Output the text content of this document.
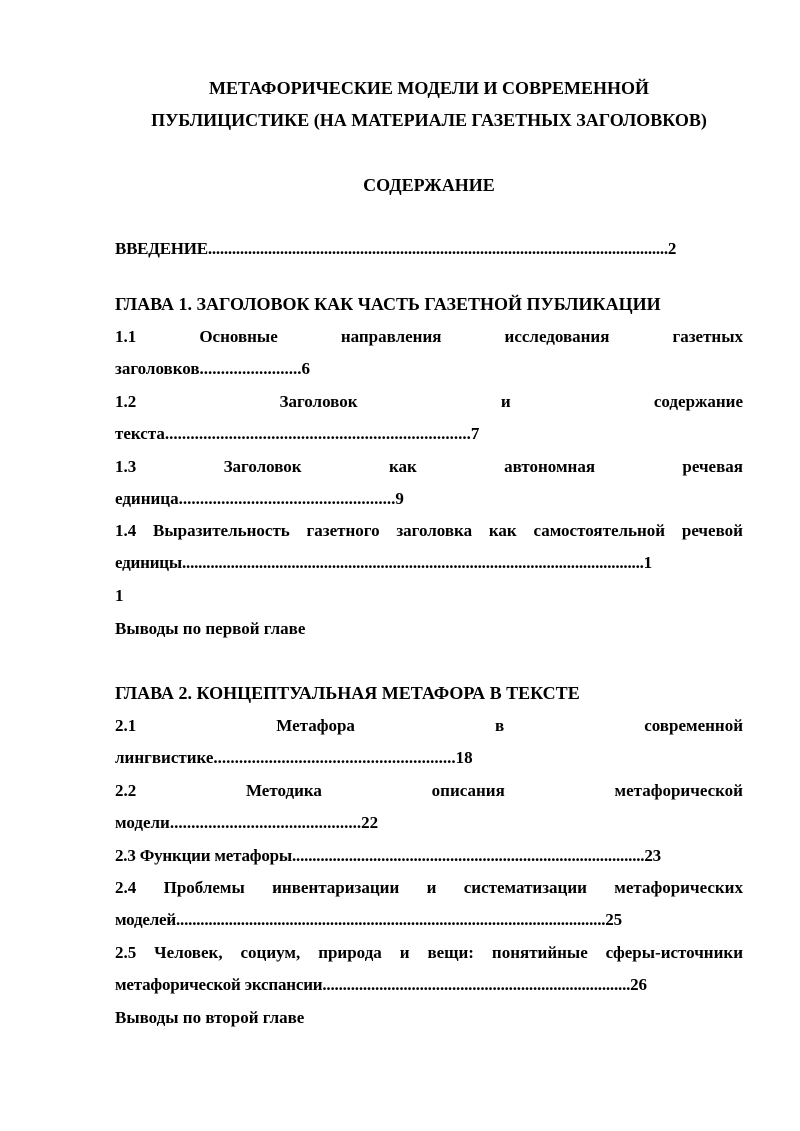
МЕТАФОРИЧЕСКИЕ МОДЕЛИ И СОВРЕМЕННОЙ
ПУБЛИЦИСТИКЕ (НА МАТЕРИАЛЕ ГАЗЕТНЫХ ЗАГОЛОВКОВ)
СОДЕРЖАНИЕ
ВВЕДЕНИЕ...................................................................................................................2
ГЛАВА 1. ЗАГОЛОВОК КАК ЧАСТЬ ГАЗЕТНОЙ ПУБЛИКАЦИИ
1.1	Основные	направления	исследования	газетных
заголовков........................6
1.2	Заголовок	и	содержание
текста........................................................................7
1.3	Заголовок	как	автономная	речевая
единица...................................................9
1.4 Выразительность газетного заголовка как самостоятельной речевой
единицы..................................................................................................................1
1
Выводы по первой главе
ГЛАВА 2. КОНЦЕПТУАЛЬНАЯ МЕТАФОРА В ТЕКСТЕ
2.1	Метафора	в	современной
лингвистике.........................................................18
2.2	Методика	описания	метафорической
модели.............................................22
2.3 Функции метафоры.......................................................................................23
2.4 Проблемы инвентаризации и систематизации метафорических
моделей..........................................................................................................25
2.5 Человек, социум, природа и вещи: понятийные сферы-источники
метафорической экспансии............................................................................26
Выводы по второй главе
